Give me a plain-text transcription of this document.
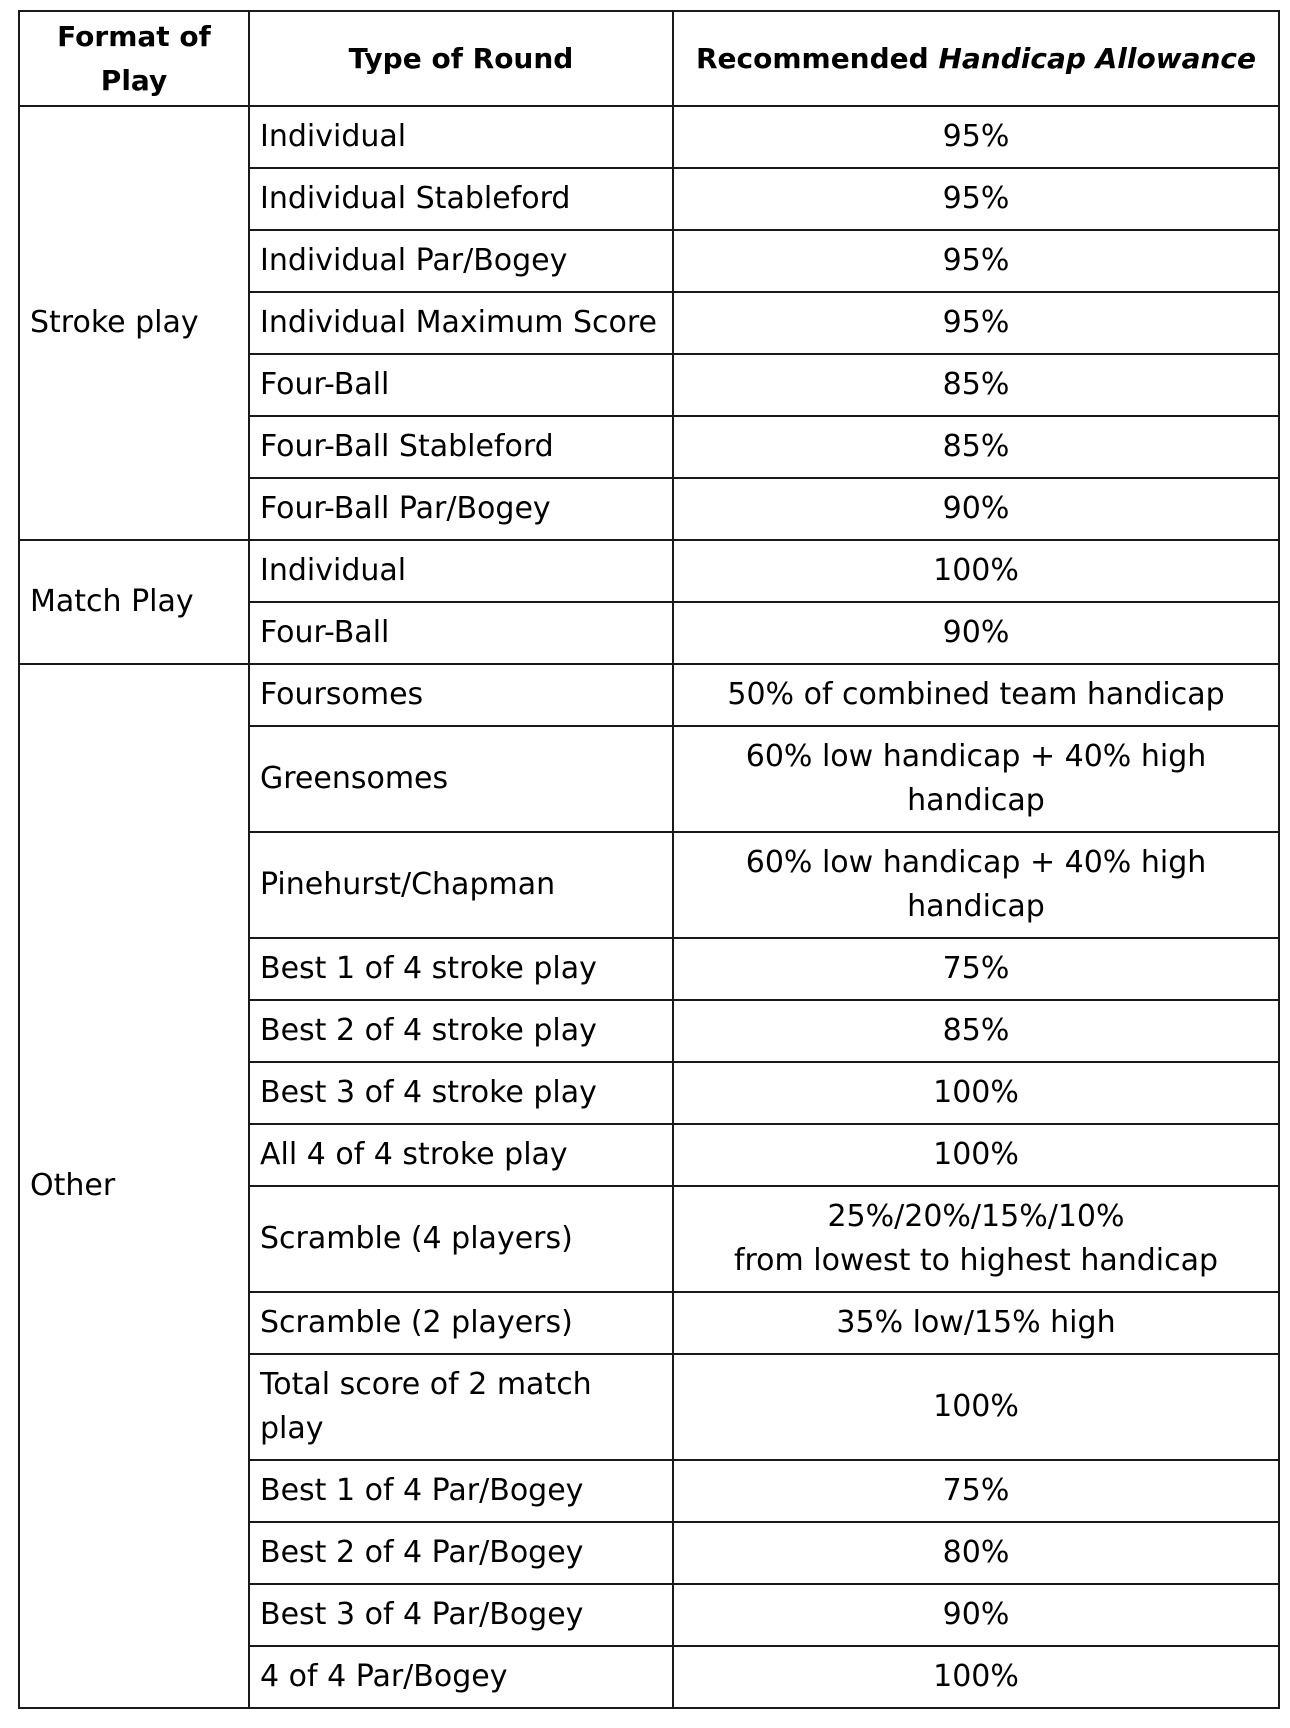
Format of Play	Type of Round	Recommended Handicap Allowance
Stroke play	Individual	95%
	Individual Stableford	95%
	Individual Par/Bogey	95%
	Individual Maximum Score	95%
	Four-Ball	85%
	Four-Ball Stableford	85%
	Four-Ball Par/Bogey	90%
Match Play	Individual	100%
	Four-Ball	90%
Other	Foursomes	50% of combined team handicap
	Greensomes	60% low handicap + 40% high handicap
	Pinehurst/Chapman	60% low handicap + 40% high handicap
	Best 1 of 4 stroke play	75%
	Best 2 of 4 stroke play	85%
	Best 3 of 4 stroke play	100%
	All 4 of 4 stroke play	100%
	Scramble (4 players)	25%/20%/15%/10%
from lowest to highest handicap
	Scramble (2 players)	35% low/15% high
	Total score of 2 match play	100%
	Best 1 of 4 Par/Bogey	75%
	Best 2 of 4 Par/Bogey	80%
	Best 3 of 4 Par/Bogey	90%
	4 of 4 Par/Bogey	100%
